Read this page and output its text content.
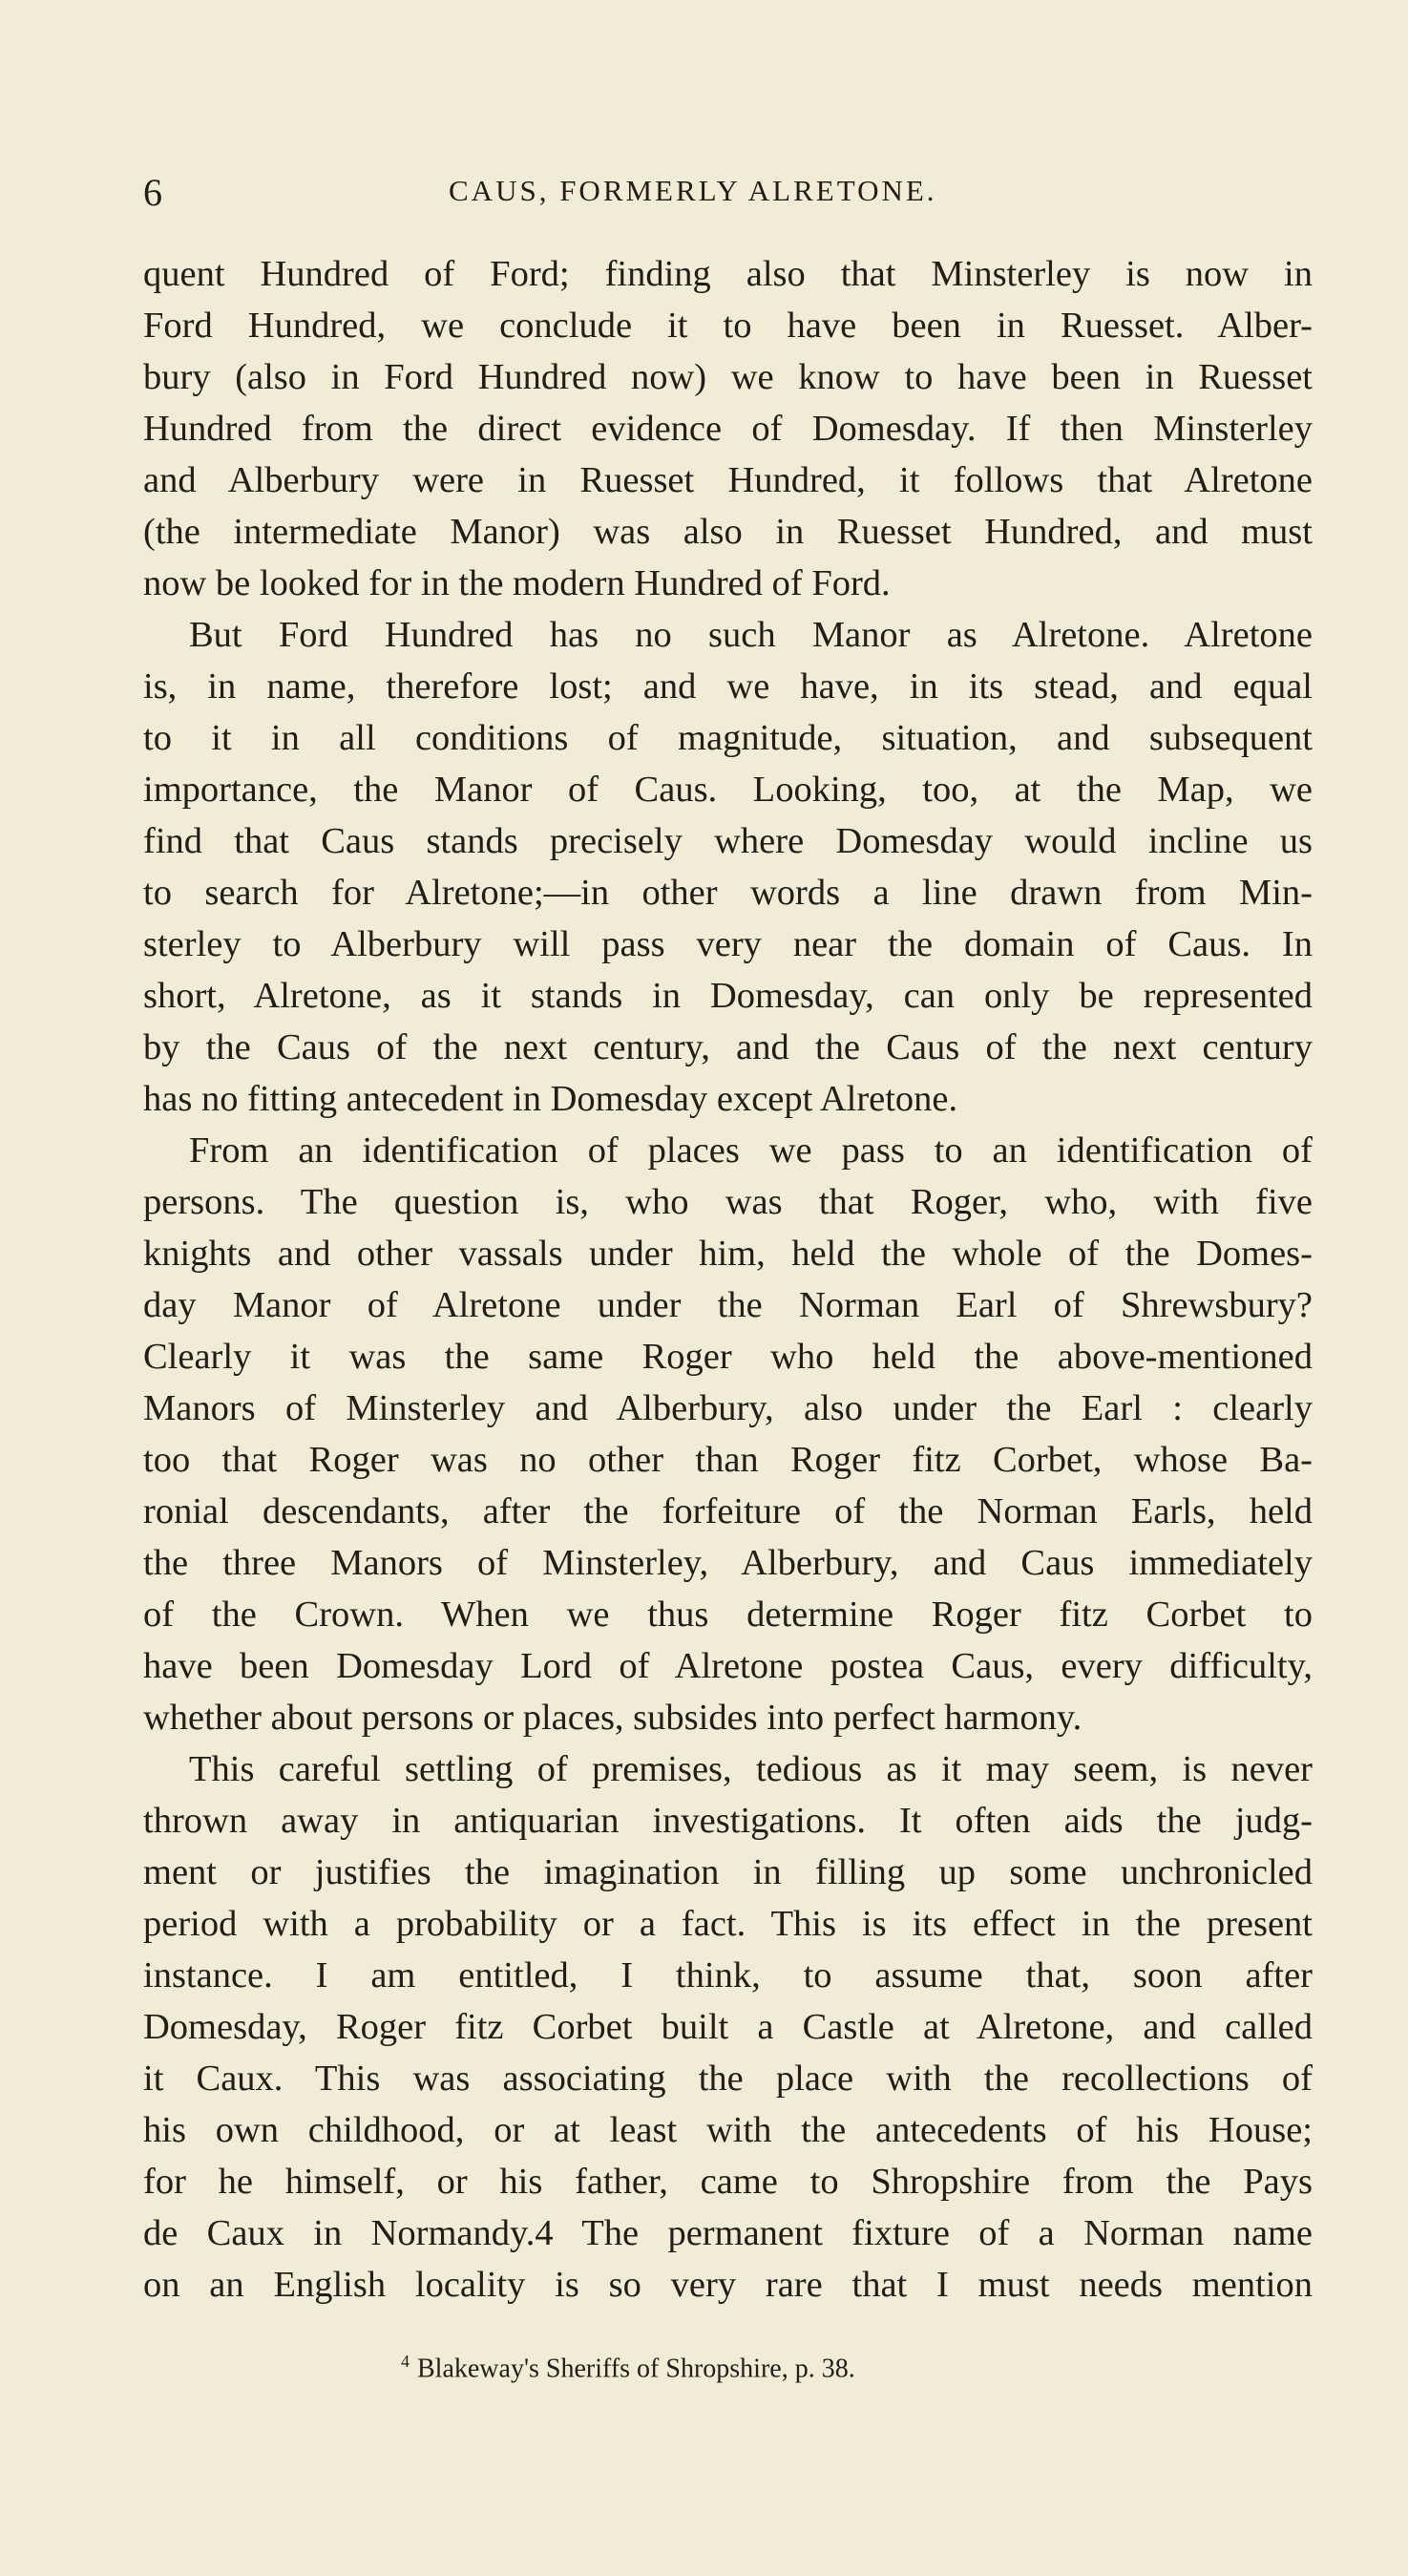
6	CAUS, FORMERLY ALRETONE.
quent Hundred of Ford; finding also that Minsterley is now in
Ford Hundred, we conclude it to have been in Ruesset. Alber-
bury (also in Ford Hundred now) we know to have been in Ruesset
Hundred from the direct evidence of Domesday. If then Minsterley
and Alberbury were in Ruesset Hundred, it follows that Alretone
(the intermediate Manor) was also in Ruesset Hundred, and must
now be looked for in the modern Hundred of Ford.
But Ford Hundred has no such Manor as Alretone. Alretone
is, in name, therefore lost; and we have, in its stead, and equal
to it in all conditions of magnitude, situation, and subsequent
importance, the Manor of Caus. Looking, too, at the Map, we
find that Caus stands precisely where Domesday would incline us
to search for Alretone;—in other words a line drawn from Min-
sterley to Alberbury will pass very near the domain of Caus. In
short, Alretone, as it stands in Domesday, can only be represented
by the Caus of the next century, and the Caus of the next century
has no fitting antecedent in Domesday except Alretone.
From an identification of places we pass to an identification of
persons. The question is, who was that Roger, who, with five
knights and other vassals under him, held the whole of the Domes-
day Manor of Alretone under the Norman Earl of Shrewsbury?
Clearly it was the same Roger who held the above-mentioned
Manors of Minsterley and Alberbury, also under the Earl : clearly
too that Roger was no other than Roger fitz Corbet, whose Ba-
ronial descendants, after the forfeiture of the Norman Earls, held
the three Manors of Minsterley, Alberbury, and Caus immediately
of the Crown. When we thus determine Roger fitz Corbet to
have been Domesday Lord of Alretone postea Caus, every difficulty,
whether about persons or places, subsides into perfect harmony.
This careful settling of premises, tedious as it may seem, is never
thrown away in antiquarian investigations. It often aids the judg-
ment or justifies the imagination in filling up some unchronicled
period with a probability or a fact. This is its effect in the present
instance. I am entitled, I think, to assume that, soon after
Domesday, Roger fitz Corbet built a Castle at Alretone, and called
it Caux. This was associating the place with the recollections of
his own childhood, or at least with the antecedents of his House;
for he himself, or his father, came to Shropshire from the Pays
de Caux in Normandy.4 The permanent fixture of a Norman name
on an English locality is so very rare that I must needs mention
$^4$ Blakeway's Sheriffs of Shropshire, p. 38.
